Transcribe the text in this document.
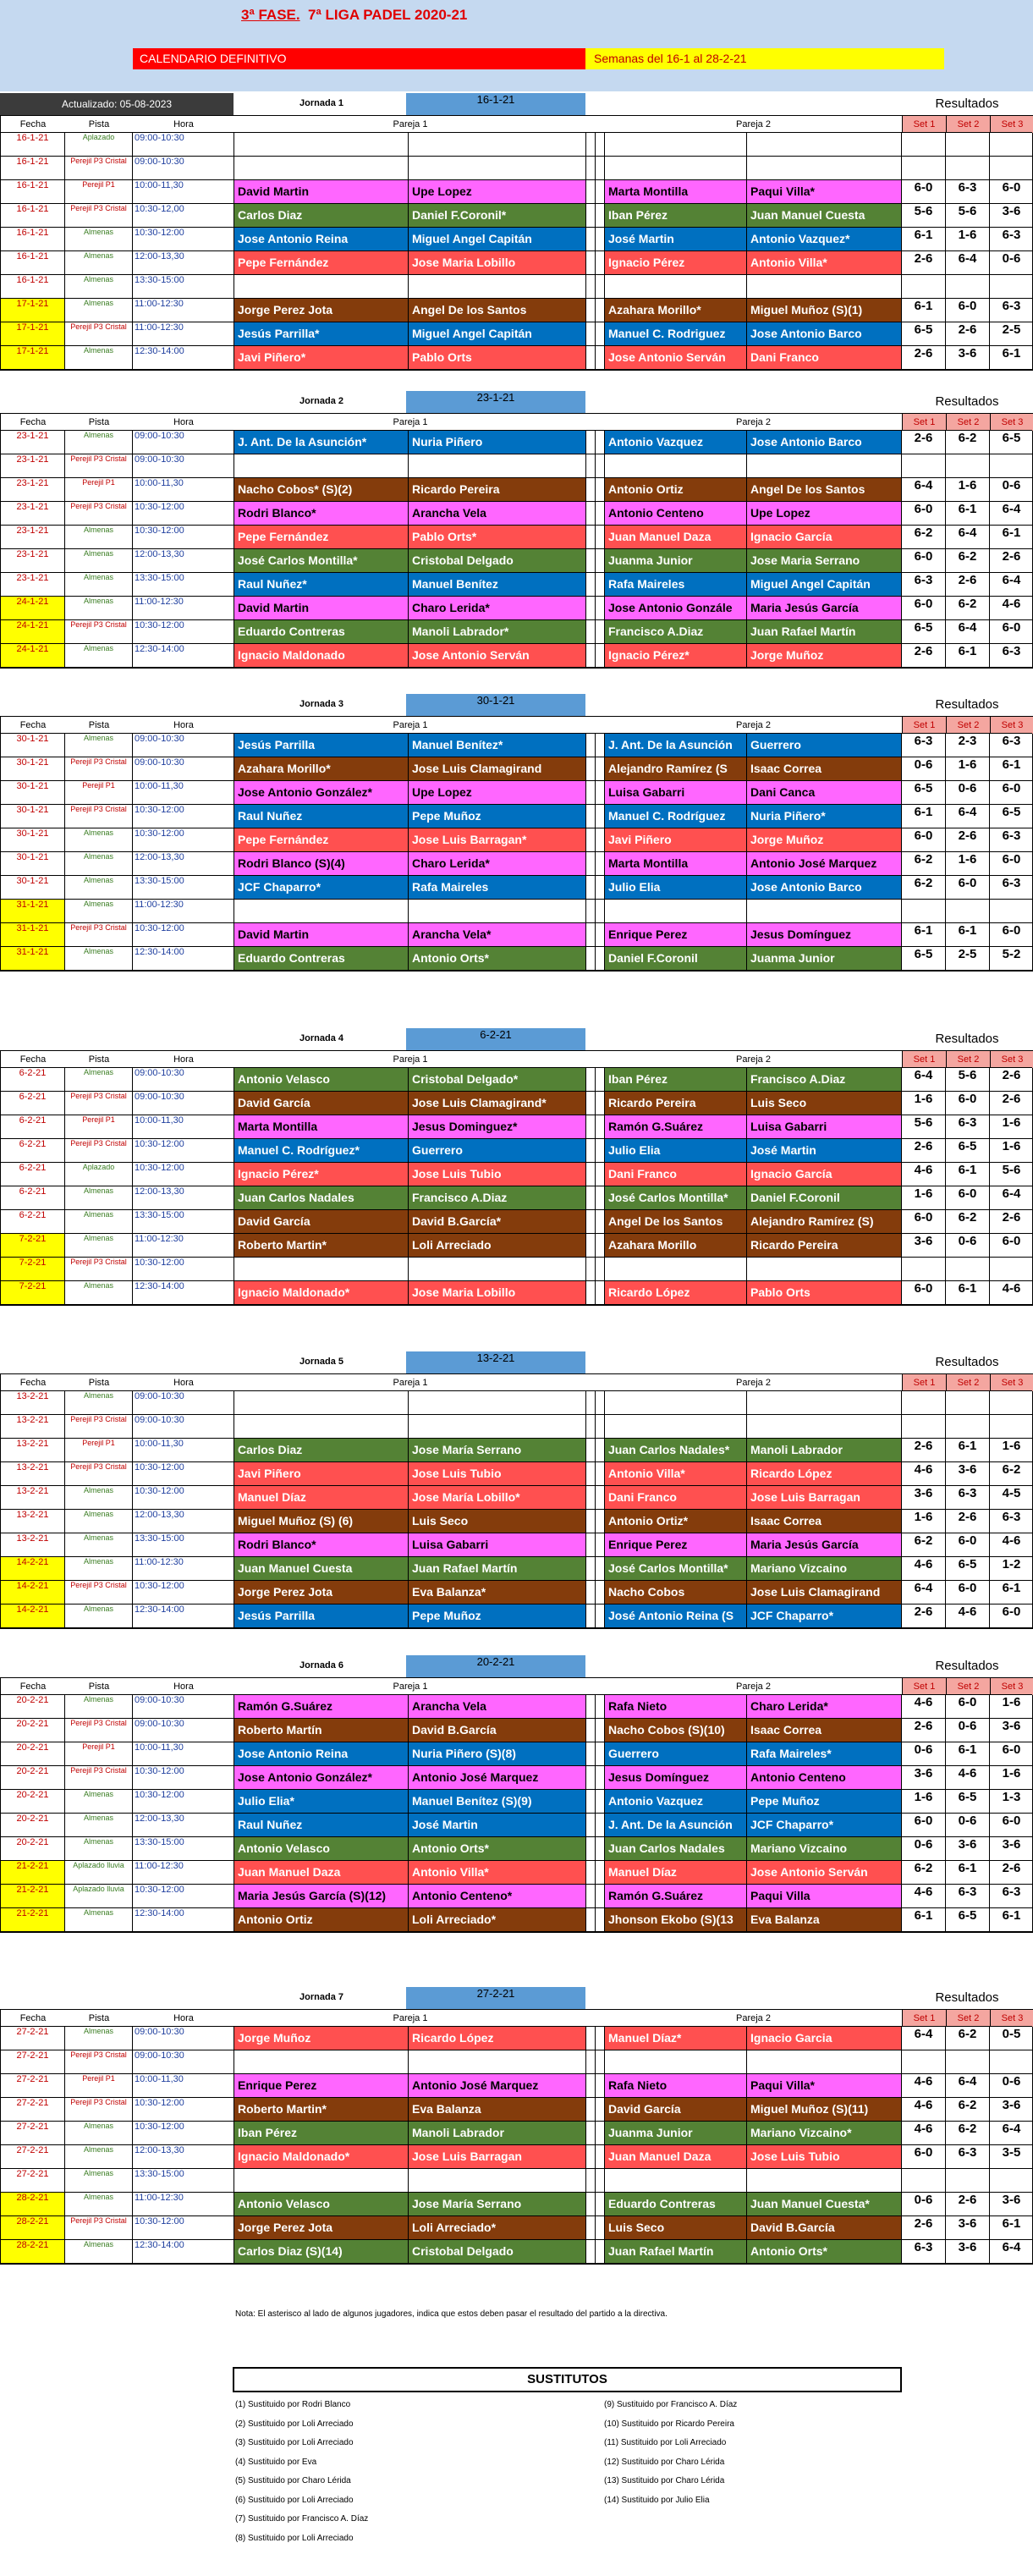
3ª FASE. 7ª LIGA PADEL 2020-21
CALENDARIO DEFINITIVO	Semanas del 16-1 al 28-2-21
Actualizado: 05-08-2023	Jornada 1	16-1-21	Resultados
Fecha	Pista	Hora	Pareja 1	Pareja 2	Set 1	Set 2	Set 3
16-1-21	Aplazado	09:00-10:30
16-1-21	Perejil P3 Cristal 09:00-10:30
16-1-21	Perejil P1	10:00-11,30	David Martin	Upe Lopez	Marta Montilla	Paqui Villa*	6-0	6-3	6-0
16-1-21	Perejil P3 Cristal 10:30-12,00	Carlos Diaz	Daniel F.Coronil*	Iban Pérez	Juan Manuel Cuesta	5-6	5-6	3-6
16-1-21	Almenas	10:30-12:00	Jose Antonio Reina	Miguel Angel Capitán	José Martin	Antonio Vazquez*	6-1	1-6	6-3
16-1-21	Almenas	12:00-13,30	Pepe Fernández	Jose Maria Lobillo	Ignacio Pérez	Antonio Villa*	2-6	6-4	0-6
16-1-21	Almenas	13:30-15:00
17-1-21	Almenas	11:00-12:30	Jorge Perez Jota	Angel De los Santos	Azahara Morillo*	Miguel Muñoz (S)(1)	6-1	6-0	6-3
17-1-21	Perejil P3 Cristal 11:00-12:30	Jesús Parrilla*	Miguel Angel Capitán	Manuel C. Rodriguez	Jose Antonio Barco	6-5	2-6	2-5
17-1-21	Almenas	12:30-14:00	Javi Piñero*	Pablo Orts	Jose Antonio Serván	Dani Franco	2-6	3-6	6-1
Jornada 2	23-1-21	Resultados
Fecha	Pista	Hora	Pareja 1	Pareja 2	Set 1	Set 2	Set 3
23-1-21	Almenas	09:00-10:30	J. Ant. De la Asunción*	Nuria Piñero	Antonio Vazquez	Jose Antonio Barco	2-6	6-2	6-5
23-1-21	Perejil P3 Cristal 09:00-10:30
23-1-21	Perejil P1	10:00-11,30	Nacho Cobos* (S)(2)	Ricardo Pereira	Antonio Ortiz	Angel De los Santos	6-4	1-6	0-6
23-1-21	Perejil P3 Cristal 10:30-12:00	Rodri Blanco*	Arancha Vela	Antonio Centeno	Upe Lopez	6-0	6-1	6-4
23-1-21	Almenas	10:30-12:00	Pepe Fernández	Pablo Orts*	Juan Manuel Daza	Ignacio García	6-2	6-4	6-1
23-1-21	Almenas	12:00-13,30	José Carlos Montilla*	Cristobal Delgado	Juanma Junior	Jose Maria Serrano	6-0	6-2	2-6
23-1-21	Almenas	13:30-15:00	Raul Nuñez*	Manuel Benítez	Rafa Maireles	Miguel Angel Capitán	6-3	2-6	6-4
24-1-21	Almenas	11:00-12:30	David Martin	Charo Lerida*	Jose Antonio Gonzále	Maria Jesús García	6-0	6-2	4-6
24-1-21	Perejil P3 Cristal 10:30-12:00	Eduardo Contreras	Manoli Labrador*	Francisco A.Diaz	Juan Rafael Martín	6-5	6-4	6-0
24-1-21	Almenas	12:30-14:00	Ignacio Maldonado	Jose Antonio Serván	Ignacio Pérez*	Jorge Muñoz	2-6	6-1	6-3
Jornada 3	30-1-21	Resultados
Fecha	Pista	Hora	Pareja 1	Pareja 2	Set 1	Set 2	Set 3
30-1-21	Almenas	09:00-10:30	Jesús Parrilla	Manuel Benítez*	J. Ant. De la Asunción	Guerrero	6-3	2-3	6-3
30-1-21	Perejil P3 Cristal 09:00-10:30	Azahara Morillo*	Jose Luis Clamagirand	Alejandro Ramírez (S	Isaac Correa	0-6	1-6	6-1
30-1-21	Perejil P1	10:00-11,30	Jose Antonio González*	Upe Lopez	Luisa Gabarri	Dani Canca	6-5	0-6	6-0
30-1-21	Perejil P3 Cristal 10:30-12:00	Raul Nuñez	Pepe Muñoz	Manuel C. Rodríguez	Nuria Piñero*	6-1	6-4	6-5
30-1-21	Almenas	10:30-12:00	Pepe Fernández	Jose Luis Barragan*	Javi Piñero	Jorge Muñoz	6-0	2-6	6-3
30-1-21	Almenas	12:00-13,30	Rodri Blanco (S)(4)	Charo Lerida*	Marta Montilla	Antonio José Marquez	6-2	1-6	6-0
30-1-21	Almenas	13:30-15:00	JCF Chaparro*	Rafa Maireles	Julio Elia	Jose Antonio Barco	6-2	6-0	6-3
31-1-21	Almenas	11:00-12:30
31-1-21	Perejil P3 Cristal 10:30-12:00	David Martin	Arancha Vela*	Enrique Perez	Jesus Domínguez	6-1	6-1	6-0
31-1-21	Almenas	12:30-14:00	Eduardo Contreras	Antonio Orts*	Daniel F.Coronil	Juanma Junior	6-5	2-5	5-2
Jornada 4	6-2-21	Resultados
Fecha	Pista	Hora	Pareja 1	Pareja 2	Set 1	Set 2	Set 3
6-2-21	Almenas	09:00-10:30	Antonio Velasco	Cristobal Delgado*	Iban Pérez	Francisco A.Diaz	6-4	5-6	2-6
6-2-21	Perejil P3 Cristal 09:00-10:30	David García	Jose Luis Clamagirand*	Ricardo Pereira	Luis Seco	1-6	6-0	2-6
6-2-21	Perejil P1	10:00-11,30	Marta Montilla	Jesus Dominguez*	Ramón G.Suárez	Luisa Gabarri	5-6	6-3	1-6
6-2-21	Perejil P3 Cristal 10:30-12:00	Manuel C. Rodríguez*	Guerrero	Julio Elia	José Martin	2-6	6-5	1-6
6-2-21	Aplazado	10:30-12:00	Ignacio Pérez*	Jose Luis Tubio	Dani Franco	Ignacio García	4-6	6-1	5-6
6-2-21	Almenas	12:00-13,30	Juan Carlos Nadales	Francisco A.Diaz	José Carlos Montilla*	Daniel F.Coronil	1-6	6-0	6-4
6-2-21	Almenas	13:30-15:00	David García	David B.García*	Angel De los Santos	Alejandro Ramírez (S)	6-0	6-2	2-6
7-2-21	Almenas	11:00-12:30	Roberto Martin*	Loli Arreciado	Azahara Morillo	Ricardo Pereira	3-6	0-6	6-0
7-2-21	Perejil P3 Cristal 10:30-12:00
7-2-21	Almenas	12:30-14:00	Ignacio Maldonado*	Jose Maria Lobillo	Ricardo López	Pablo Orts	6-0	6-1	4-6
Jornada 5	13-2-21	Resultados
Fecha	Pista	Hora	Pareja 1	Pareja 2	Set 1	Set 2	Set 3
13-2-21	Almenas	09:00-10:30
13-2-21	Perejil P3 Cristal 09:00-10:30
13-2-21	Perejil P1	10:00-11,30	Carlos Diaz	Jose María Serrano	Juan Carlos Nadales*	Manoli Labrador	2-6	6-1	1-6
13-2-21	Perejil P3 Cristal 10:30-12:00	Javi Piñero	Jose Luis Tubio	Antonio Villa*	Ricardo López	4-6	3-6	6-2
13-2-21	Almenas	10:30-12:00	Manuel Díaz	Jose María Lobillo*	Dani Franco	Jose Luis Barragan	3-6	6-3	4-5
13-2-21	Almenas	12:00-13,30	Miguel Muñoz (S) (6)	Luis Seco	Antonio Ortiz*	Isaac Correa	1-6	2-6	6-3
13-2-21	Almenas	13:30-15:00	Rodri Blanco*	Luisa Gabarri	Enrique Perez	Maria Jesús García	6-2	6-0	4-6
14-2-21	Almenas	11:00-12:30	Juan Manuel Cuesta	Juan Rafael Martín	José Carlos Montilla*	Mariano Vizcaino	4-6	6-5	1-2
14-2-21	Perejil P3 Cristal 10:30-12:00	Jorge Perez Jota	Eva Balanza*	Nacho Cobos	Jose Luis Clamagirand	6-4	6-0	6-1
14-2-21	Almenas	12:30-14:00	Jesús Parrilla	Pepe Muñoz	José Antonio Reina (S	JCF Chaparro*	2-6	4-6	6-0
Jornada 6	20-2-21	Resultados
Fecha	Pista	Hora	Pareja 1	Pareja 2	Set 1	Set 2	Set 3
20-2-21	Almenas	09:00-10:30	Ramón G.Suárez	Arancha Vela	Rafa Nieto	Charo Lerida*	4-6	6-0	1-6
20-2-21	Perejil P3 Cristal 09:00-10:30	Roberto Martín	David B.García	Nacho Cobos (S)(10)	Isaac Correa	2-6	0-6	3-6
20-2-21	Perejil P1	10:00-11,30	Jose Antonio Reina	Nuria Piñero (S)(8)	Guerrero	Rafa Maireles*	0-6	6-1	6-0
20-2-21	Perejil P3 Cristal 10:30-12:00	Jose Antonio González*	Antonio José Marquez	Jesus Domínguez	Antonio Centeno	3-6	4-6	1-6
20-2-21	Almenas	10:30-12:00	Julio Elia*	Manuel Benítez (S)(9)	Antonio Vazquez	Pepe Muñoz	1-6	6-5	1-3
20-2-21	Almenas	12:00-13,30	Raul Nuñez	José Martin	J. Ant. De la Asunción	JCF Chaparro*	6-0	0-6	6-0
20-2-21	Almenas	13:30-15:00	Antonio Velasco	Antonio Orts*	Juan Carlos Nadales	Mariano Vizcaino	0-6	3-6	3-6
21-2-21	Aplazado lluvia	11:00-12:30	Juan Manuel Daza	Antonio Villa*	Manuel Díaz	Jose Antonio Serván	6-2	6-1	2-6
21-2-21	Aplazado lluvia	10:30-12:00	Maria Jesús García (S)(12)	Antonio Centeno*	Ramón G.Suárez	Paqui Villa	4-6	6-3	6-3
21-2-21	Almenas	12:30-14:00	Antonio Ortiz	Loli Arreciado*	Jhonson Ekobo (S)(13	Eva Balanza	6-1	6-5	6-1
Jornada 7	27-2-21	Resultados
Fecha	Pista	Hora	Pareja 1	Pareja 2	Set 1	Set 2	Set 3
27-2-21	Almenas	09:00-10:30	Jorge Muñoz	Ricardo López	Manuel Díaz*	Ignacio Garcia	6-4	6-2	0-5
27-2-21	Perejil P3 Cristal 09:00-10:30
27-2-21	Perejil P1	10:00-11,30	Enrique Perez	Antonio José Marquez	Rafa Nieto	Paqui Villa*	4-6	6-4	0-6
27-2-21	Perejil P3 Cristal 10:30-12:00	Roberto Martin*	Eva Balanza	David García	Miguel Muñoz (S)(11)	4-6	6-2	3-6
27-2-21	Almenas	10:30-12:00	Iban Pérez	Manoli Labrador	Juanma Junior	Mariano Vizcaino*	4-6	6-2	6-4
27-2-21	Almenas	12:00-13,30	Ignacio Maldonado*	Jose Luis Barragan	Juan Manuel Daza	Jose Luis Tubio	6-0	6-3	3-5
27-2-21	Almenas	13:30-15:00
28-2-21	Almenas	11:00-12:30	Antonio Velasco	Jose María Serrano	Eduardo Contreras	Juan Manuel Cuesta*	0-6	2-6	3-6
28-2-21	Perejil P3 Cristal 10:30-12:00	Jorge Perez Jota	Loli Arreciado*	Luis Seco	David B.García	2-6	3-6	6-1
28-2-21	Almenas	12:30-14:00	Carlos Diaz (S)(14)	Cristobal Delgado	Juan Rafael Martín	Antonio Orts*	6-3	3-6	6-4
Nota: El asterisco al lado de algunos jugadores, indica que estos deben pasar el resultado del partido a la directiva.
SUSTITUTOS
(1) Sustituido por Rodri Blanco
(2) Sustituido por Loli Arreciado
(3) Sustituido por Loli Arreciado
(4) Sustituido por Eva
(5) Sustituido por Charo Lérida
(6) Sustituido por Loli Arreciado
(7) Sustituido por Francisco A. Díaz
(8) Sustituido por Loli Arreciado
(9) Sustituido por Francisco A. Díaz
(10) Sustituido por Ricardo Pereira
(11) Sustituido por Loli Arreciado
(12) Sustituido por Charo Lérida
(13) Sustituido por Charo Lérida
(14) Sustituido por Julio Elia
